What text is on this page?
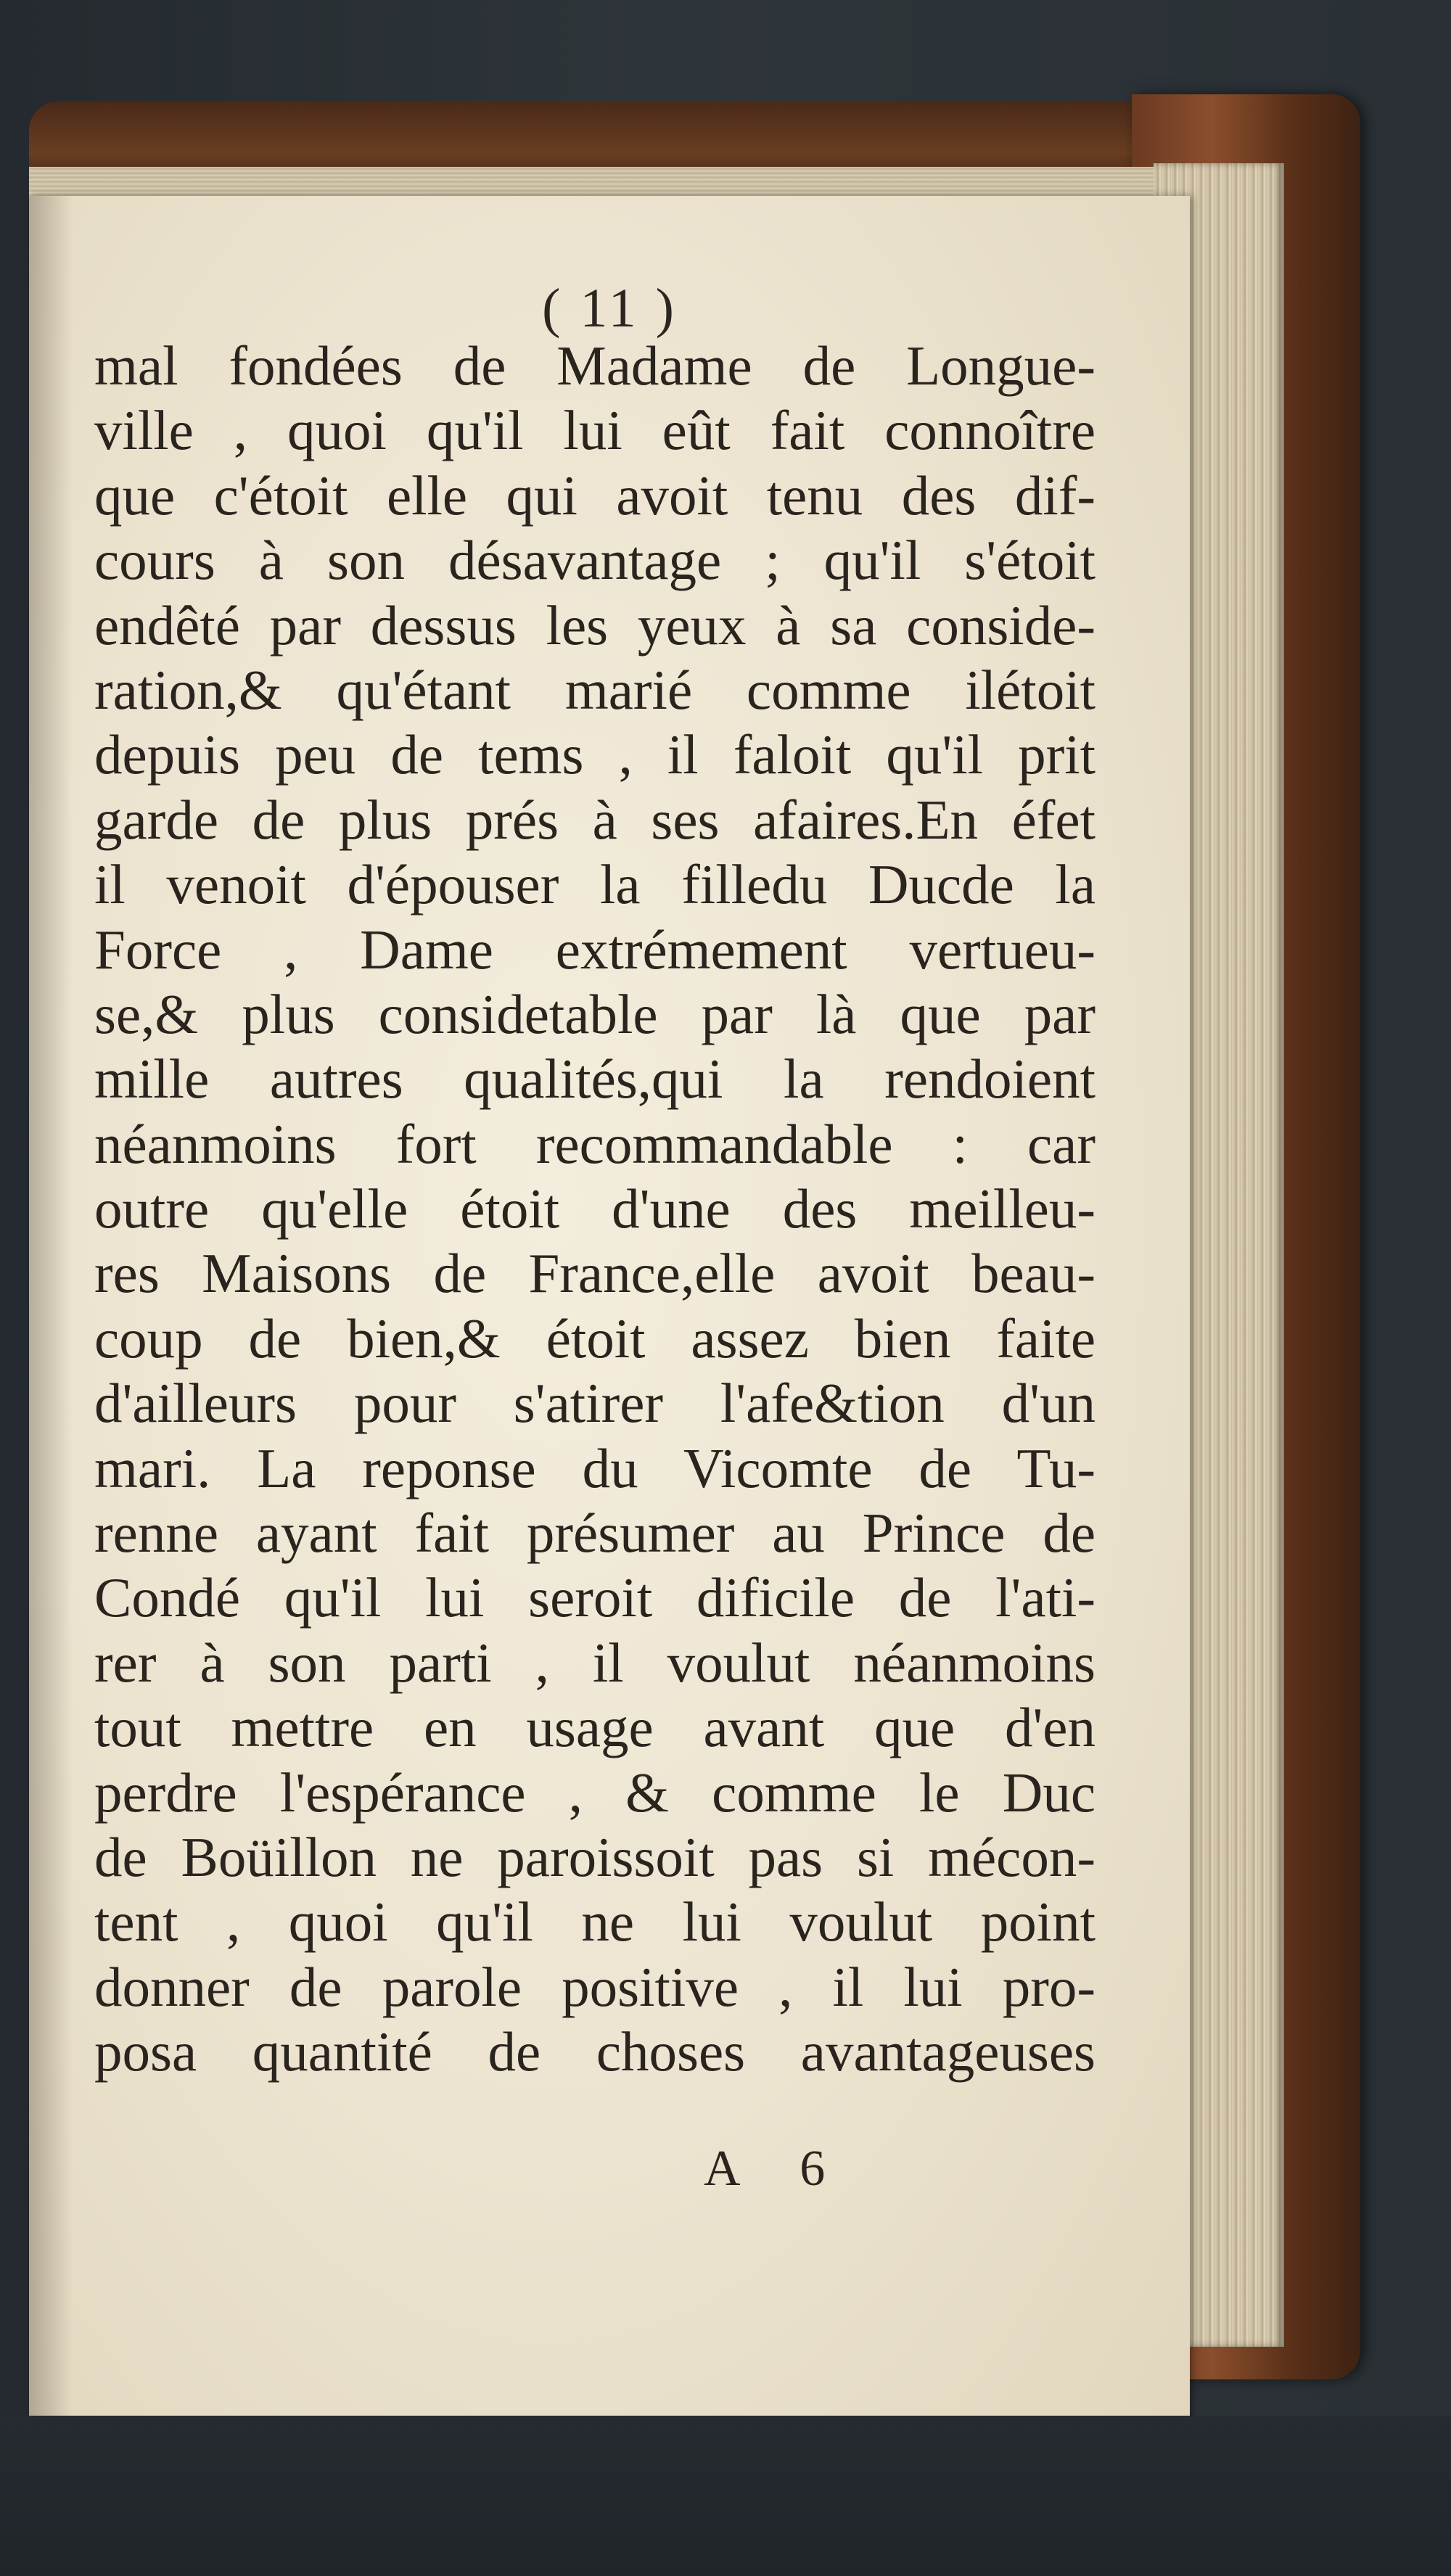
( 11 )
mal fondées de Madame de Longue-
ville , quoi qu'il lui eût fait connoître
que c'étoit elle qui avoit tenu des dif-
cours à son désavantage ; qu'il s'étoit
endêté par dessus les yeux à sa conside-
ration,& qu'étant marié comme ilétoit
depuis peu de tems , il faloit qu'il prit
garde de plus prés à ses afaires.En éfet
il venoit d'épouser la filledu Ducde la
Force , Dame extrémement vertueu-
se,& plus considetable par là que par
mille autres qualités,qui la rendoient
néanmoins fort recommandable : car
outre qu'elle étoit d'une des meilleu-
res Maisons de France,elle avoit beau-
coup de bien,& étoit assez bien faite
d'ailleurs pour s'atirer l'afe&tion d'un
mari. La reponse du Vicomte de Tu-
renne ayant fait présumer au Prince de
Condé qu'il lui seroit dificile de l'ati-
rer à son parti , il voulut néanmoins
tout mettre en usage avant que d'en
perdre l'espérance , & comme le Duc
de Boüillon ne paroissoit pas si mécon-
tent , quoi qu'il ne lui voulut point
donner de parole positive , il lui pro-
posa quantité de choses avantageuses
A 6
